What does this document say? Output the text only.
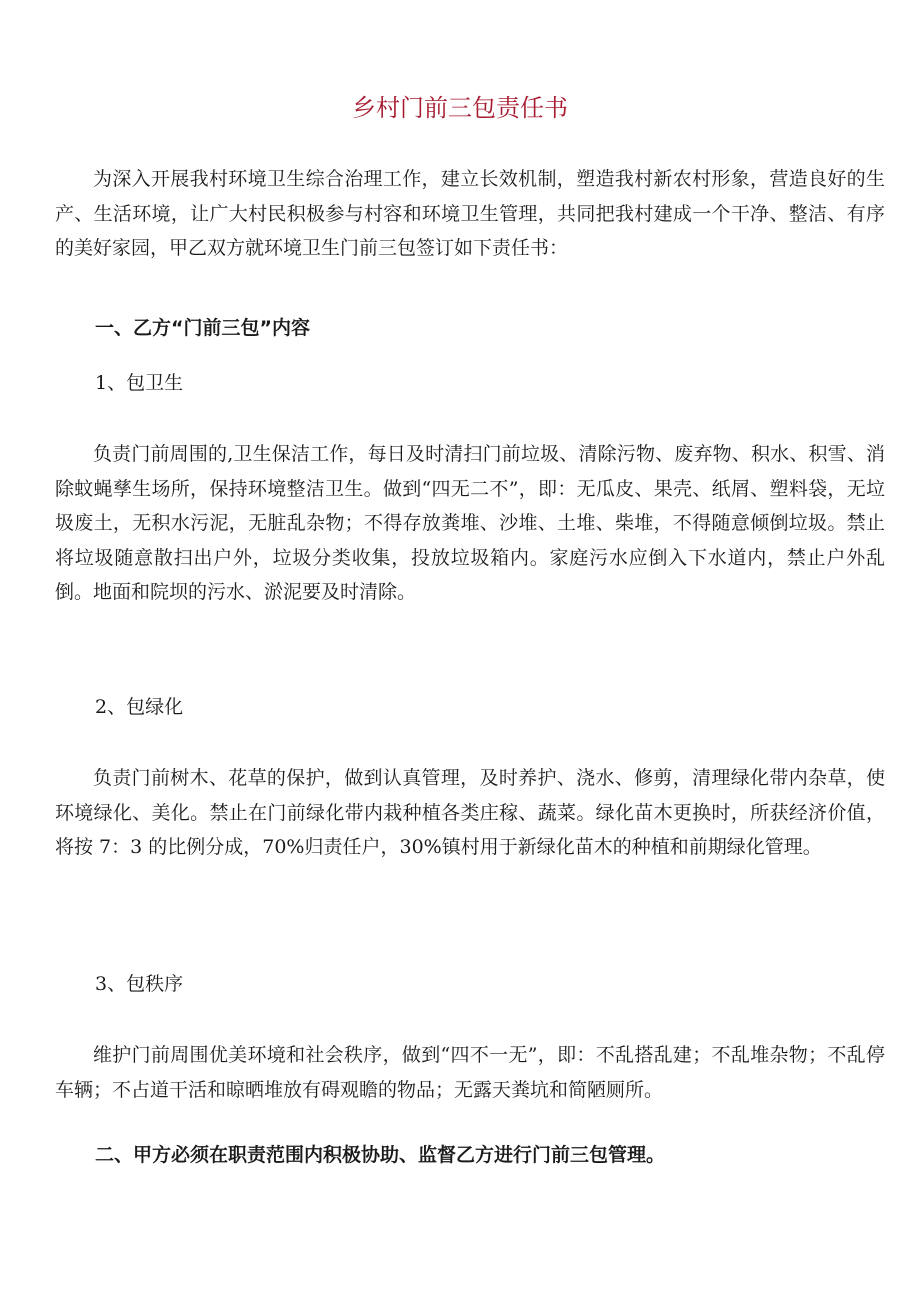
乡村门前三包责任书

为深入开展我村环境卫生综合治理工作，建立长效机制，塑造我村新农村形象，营造良好的生产、生活环境，让广大村民积极参与村容和环境卫生管理，共同把我村建成一个干净、整洁、有序的美好家园，甲乙双方就环境卫生门前三包签订如下责任书：

一、乙方“门前三包”内容

1、包卫生

负责门前周围的,卫生保洁工作，每日及时清扫门前垃圾、清除污物、废弃物、积水、积雪、消除蚊蝇孳生场所，保持环境整洁卫生。做到“四无二不”，即：无瓜皮、果壳、纸屑、塑料袋，无垃圾废土，无积水污泥，无脏乱杂物；不得存放粪堆、沙堆、土堆、柴堆，不得随意倾倒垃圾。禁止将垃圾随意散扫出户外，垃圾分类收集，投放垃圾箱内。家庭污水应倒入下水道内，禁止户外乱倒。地面和院坝的污水、淤泥要及时清除。

2、包绿化

负责门前树木、花草的保护，做到认真管理，及时养护、浇水、修剪，清理绿化带内杂草，使环境绿化、美化。禁止在门前绿化带内栽种植各类庄稼、蔬菜。绿化苗木更换时，所获经济价值，将按 7：3 的比例分成，70%归责任户，30%镇村用于新绿化苗木的种植和前期绿化管理。

3、包秩序

维护门前周围优美环境和社会秩序，做到“四不一无”，即：不乱搭乱建；不乱堆杂物；不乱停车辆；不占道干活和晾晒堆放有碍观瞻的物品；无露天粪坑和简陋厕所。

二、甲方必须在职责范围内积极协助、监督乙方进行门前三包管理。
